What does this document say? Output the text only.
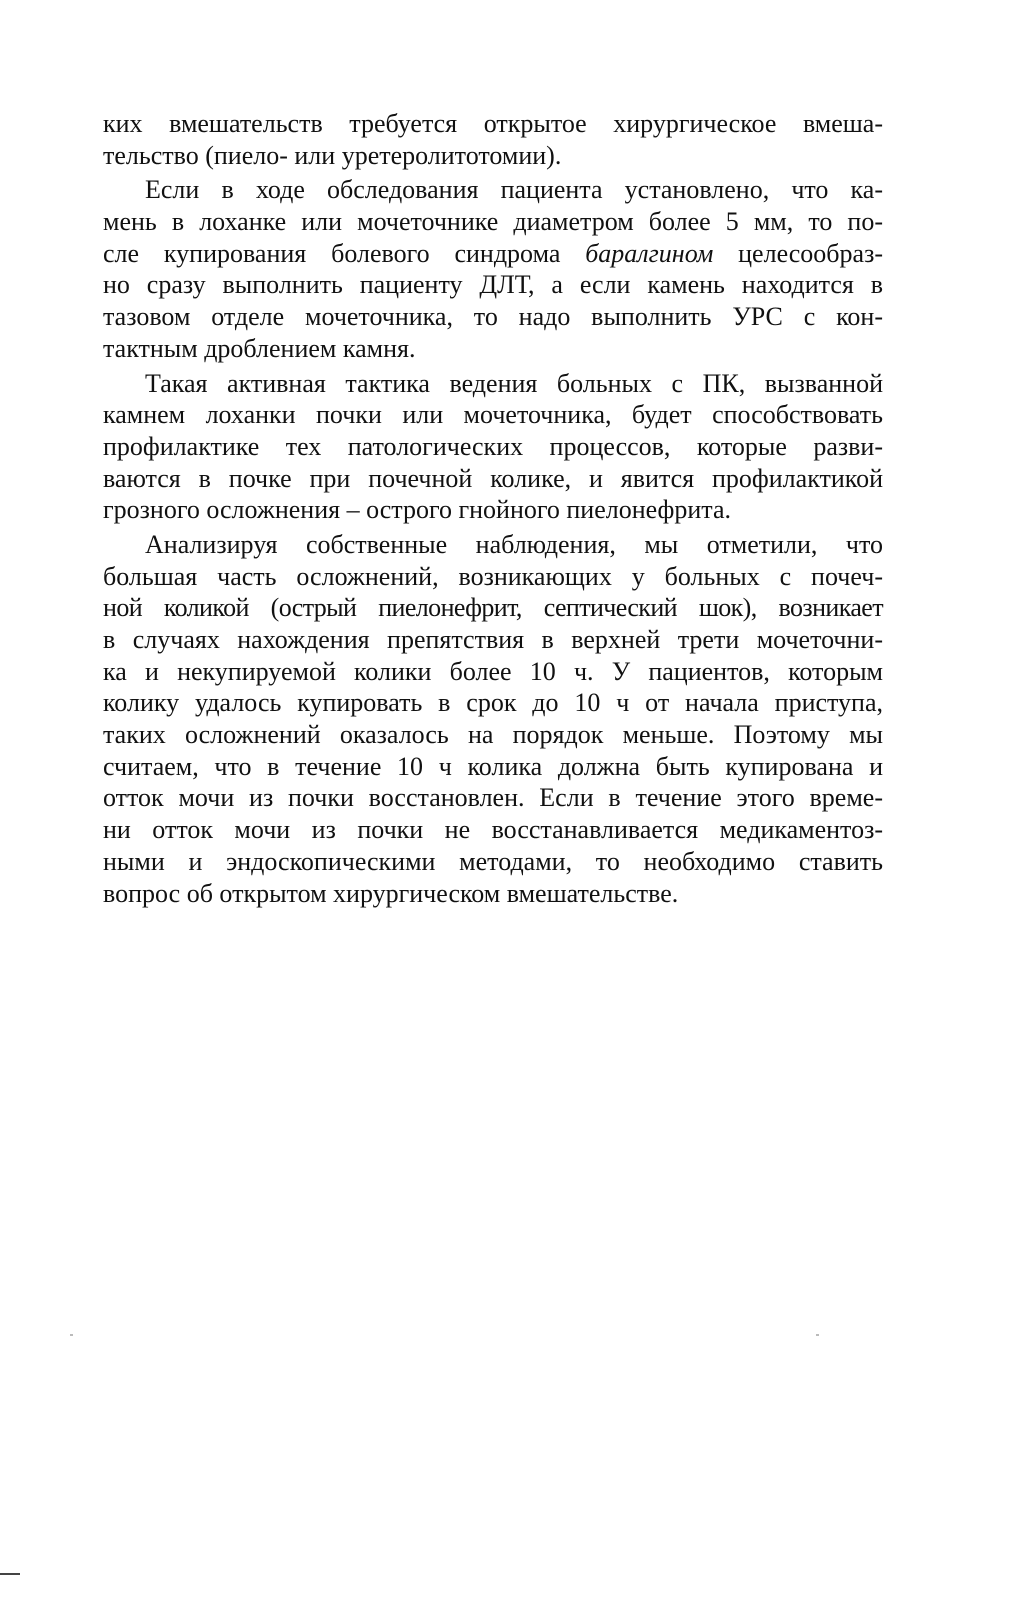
ких вмешательств требуется открытое хирургическое вмеша-
тельство (пиело- или уретеролитотомии).
Если в ходе обследования пациента установлено, что ка-
мень в лоханке или мочеточнике диаметром более 5 мм, то по-
сле купирования болевого синдрома баралгином целесообраз-
но сразу выполнить пациенту ДЛТ, а если камень находится в
тазовом отделе мочеточника, то надо выполнить УРС с кон-
тактным дроблением камня.
Такая активная тактика ведения больных с ПК, вызванной
камнем лоханки почки или мочеточника, будет способствовать
профилактике тех патологических процессов, которые разви-
ваются в почке при почечной колике, и явится профилактикой
грозного осложнения – острого гнойного пиелонефрита.
Анализируя собственные наблюдения, мы отметили, что
большая часть осложнений, возникающих у больных с почеч-
ной коликой (острый пиелонефрит, септический шок), возникает
в случаях нахождения препятствия в верхней трети мочеточни-
ка и некупируемой колики более 10 ч. У пациентов, которым
колику удалось купировать в срок до 10 ч от начала приступа,
таких осложнений оказалось на порядок меньше. Поэтому мы
считаем, что в течение 10 ч колика должна быть купирована и
отток мочи из почки восстановлен. Если в течение этого време-
ни отток мочи из почки не восстанавливается медикаментоз-
ными и эндоскопическими методами, то необходимо ставить
вопрос об открытом хирургическом вмешательстве.
